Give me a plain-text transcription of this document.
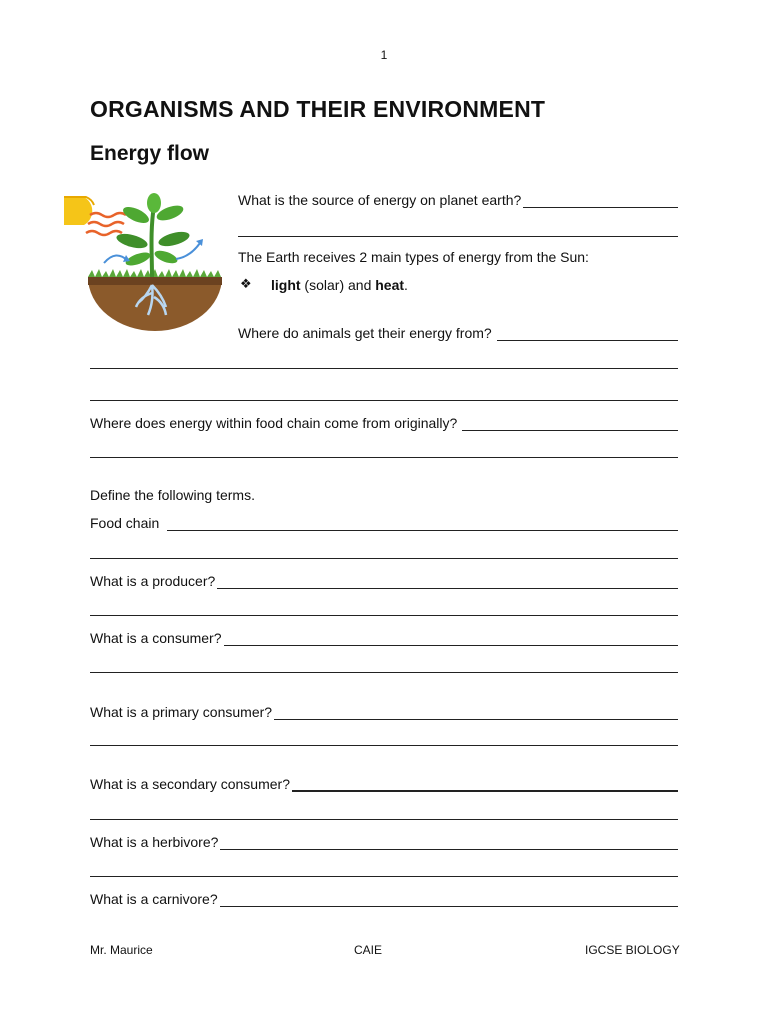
1
ORGANISMS AND THEIR ENVIRONMENT
Energy flow
What is the source of energy on planet earth?
The Earth receives 2 main types of energy from the Sun:
❖ light (solar) and heat.
Where do animals get their energy from?
Where does energy within food chain come from originally?
Define the following terms.
Food chain
What is a producer?
What is a consumer?
What is a primary consumer?
What is a secondary consumer?
What is a herbivore?
What is a carnivore?
Mr. Maurice	CAIE	IGCSE BIOLOGY
